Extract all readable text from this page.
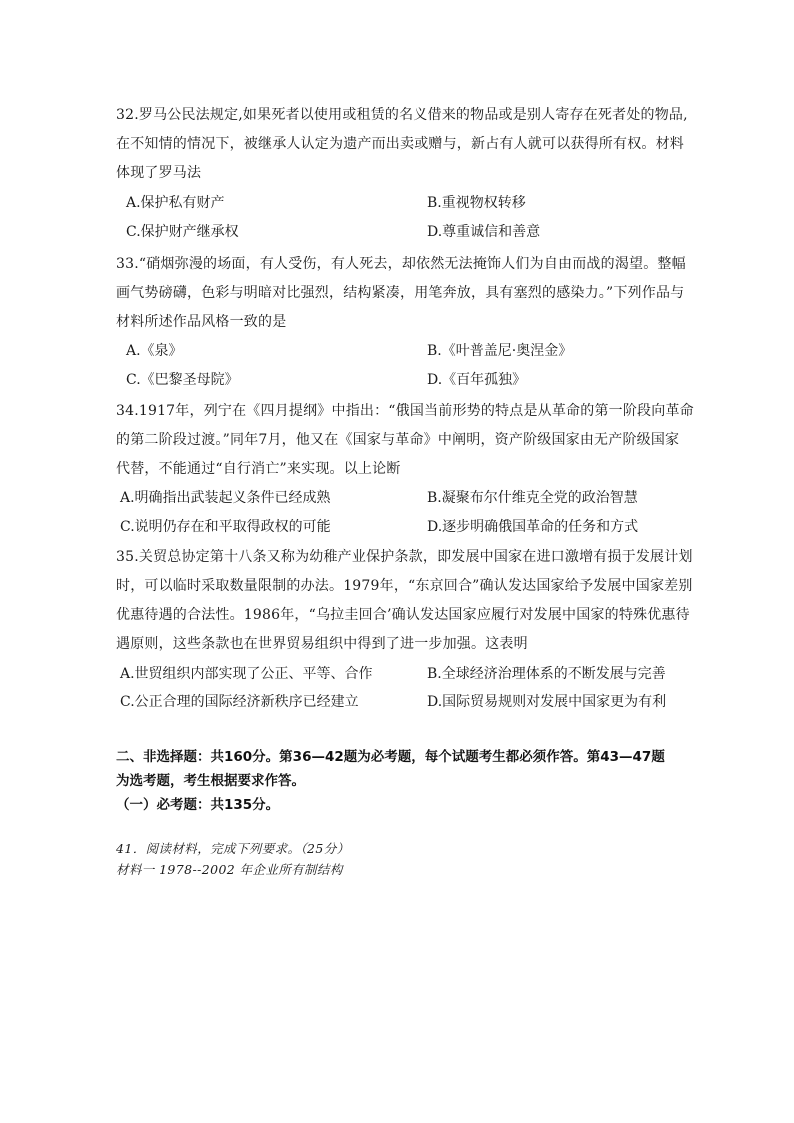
32.罗马公民法规定,如果死者以使用或租赁的名义借来的物品或是别人寄存在死者处的物品,
在不知情的情况下，被继承人认定为遗产而出卖或赠与，新占有人就可以获得所有权。材料
体现了罗马法
A.保护私有财产	B.重视物权转移
C.保护财产继承权	D.尊重诚信和善意
33.“硝烟弥漫的场面，有人受伤，有人死去，却依然无法掩饰人们为自由而战的渴望。整幅
画气势磅礴，色彩与明暗对比强烈，结构紧凑，用笔奔放，具有塞烈的感染力。”下列作品与
材料所述作品风格一致的是
A.《泉》	B.《叶普盖尼·奥涅金》
C.《巴黎圣母院》	D.《百年孤独》
34.1917年，列宁在《四月提纲》中指出：“俄国当前形势的特点是从革命的第一阶段向革命
的第二阶段过渡。”同年7月，他又在《国家与革命》中阐明，资产阶级国家由无产阶级国家
代替，不能通过“自行消亡”来实现。以上论断
A.明确指出武装起义条件已经成熟	B.凝聚布尔什维克全党的政治智慧
C.说明仍存在和平取得政权的可能	D.逐步明确俄国革命的任务和方式
35.关贸总协定第十八条又称为幼稚产业保护条款，即发展中国家在进口激增有损于发展计划
时，可以临时采取数量限制的办法。1979年，“东京回合”确认发达国家给予发展中国家差别
优惠待遇的合法性。1986年，“乌拉圭回合’确认发达国家应履行对发展中国家的特殊优惠待
遇原则，这些条款也在世界贸易组织中得到了进一步加强。这表明
A.世贸组织内部实现了公正、平等、合作	B.全球经济治理体系的不断发展与完善
C.公正合理的国际经济新秩序已经建立	D.国际贸易规则对发展中国家更为有利
二、非选择题：共160分。第36—42题为必考题，每个试题考生都必须作答。第43—47题
为选考题，考生根据要求作答。
（一）必考题：共135分。
41．阅读材料，完成下列要求。（25分）
材料一 1978--2002 年企业所有制结构
